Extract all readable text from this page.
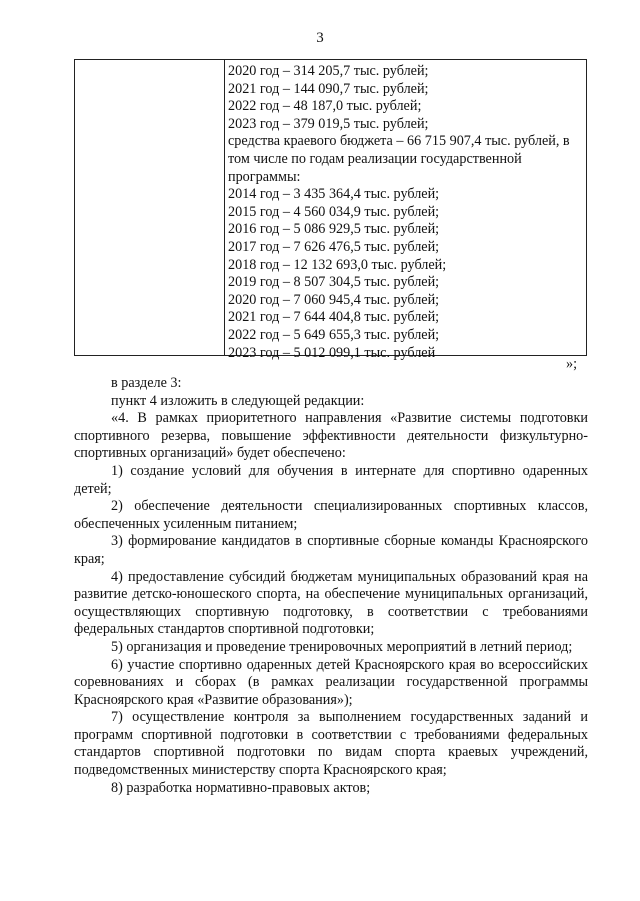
3
2020 год – 314 205,7 тыс. рублей;
2021 год – 144 090,7 тыс. рублей;
2022 год – 48 187,0 тыс. рублей;
2023 год – 379 019,5 тыс. рублей;
средства краевого бюджета – 66 715 907,4 тыс. рублей, в том числе по годам реализации государственной программы:
2014 год – 3 435 364,4 тыс. рублей;
2015 год – 4 560 034,9 тыс. рублей;
2016 год – 5 086 929,5 тыс. рублей;
2017 год – 7 626 476,5 тыс. рублей;
2018 год – 12 132 693,0 тыс. рублей;
2019 год – 8 507 304,5 тыс. рублей;
2020 год – 7 060 945,4 тыс. рублей;
2021 год – 7 644 404,8 тыс. рублей;
2022 год – 5 649 655,3 тыс. рублей;
2023 год – 5 012 099,1 тыс. рублей
»;

в разделе 3:

пункт 4 изложить в следующей редакции:

«4. В рамках приоритетного направления «Развитие системы подготовки спортивного резерва, повышение эффективности деятельности физкультурно-спортивных организаций» будет обеспечено:

1) создание условий для обучения в интернате для спортивно одаренных детей;

2) обеспечение деятельности специализированных спортивных классов, обеспеченных усиленным питанием;

3) формирование кандидатов в спортивные сборные команды Красноярского края;

4) предоставление субсидий бюджетам муниципальных образований края на развитие детско-юношеского спорта, на обеспечение муниципальных организаций, осуществляющих спортивную подготовку, в соответствии с требованиями федеральных стандартов спортивной подготовки;

5) организация и проведение тренировочных мероприятий в летний период;

6) участие спортивно одаренных детей Красноярского края во всероссийских соревнованиях и сборах (в рамках реализации государственной программы Красноярского края «Развитие образования»);

7) осуществление контроля за выполнением государственных заданий и программ спортивной подготовки в соответствии с требованиями федеральных стандартов спортивной подготовки по видам спорта краевых учреждений, подведомственных министерству спорта Красноярского края;

8) разработка нормативно-правовых актов;
